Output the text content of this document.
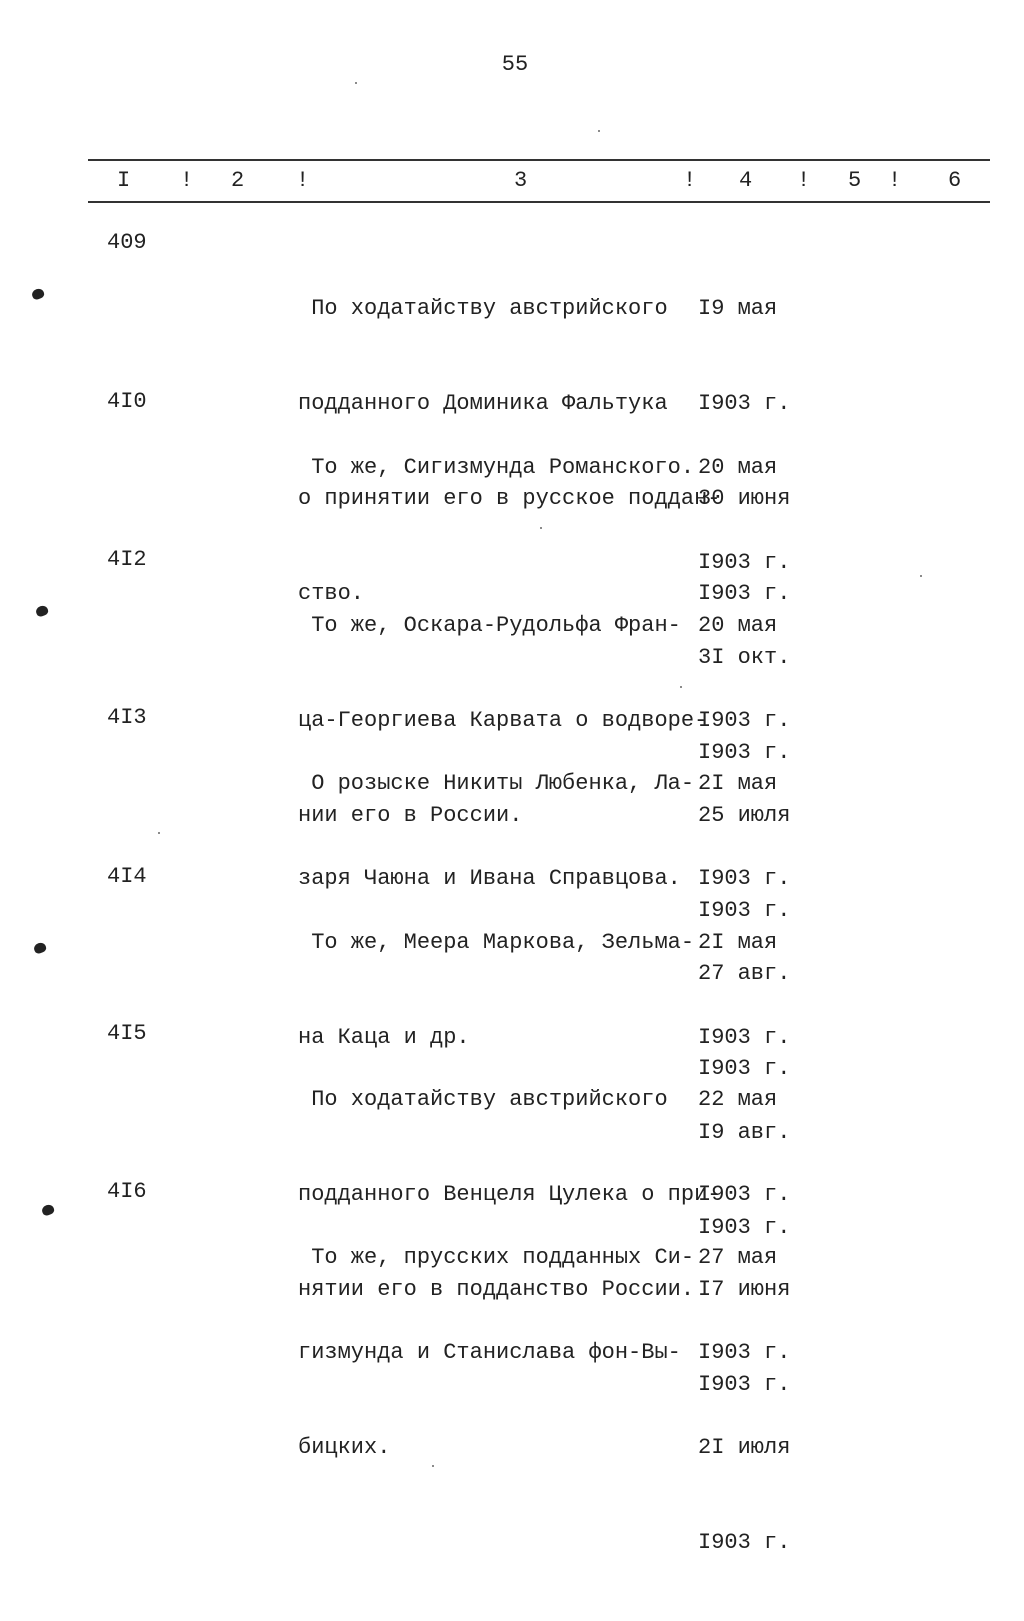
55
I ! 2 !	3	! 4 ! 5 ! 6
409

По ходатайству австрийского

подданного Доминика Фальтука

о принятии его в русское поддан-

ство.

I9 мая

I903 г.

30 июня

I903 г.

4I0

То же, Сигизмунда Романского.

20 мая

I903 г.

3I окт.

I903 г.

4I2

То же, Оскара-Рудольфа Фран-

ца-Георгиева Карвата о водворе-

нии его в России.

20 мая

I903 г.

25 июля

I903 г.

4I3

О розыске Никиты Любенка, Ла-

заря Чаюна и Ивана Справцова.

2I мая

I903 г.

27 авг.

I903 г.

4I4

То же, Меера Маркова, Зельма-

на Каца и др.

2I мая

I903 г.

I9 авг.

I903 г.

4I5

По ходатайству австрийского

подданного Венцеля Цулека о при-

нятии его в подданство России.

22 мая

I903 г.

I7 июня

I903 г.

4I6

То же, прусских подданных Си-

гизмунда и Станислава фон-Вы-

бицких.

27 мая

I903 г.

2I июля

I903 г.
